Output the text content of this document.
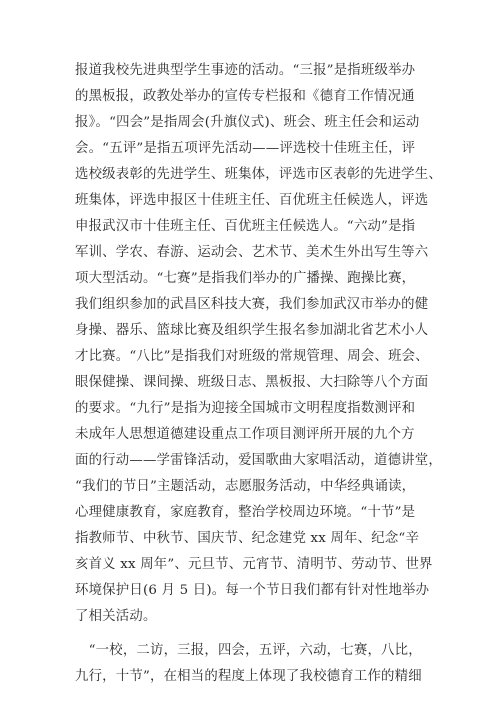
报道我校先进典型学生事迹的活动。“三报”是指班级举办
的黑板报，政教处举办的宣传专栏报和《德育工作情况通
报》。“四会”是指周会(升旗仪式)、班会、班主任会和运动
会。“五评”是指五项评先活动——评选校十佳班主任，评
选校级表彰的先进学生、班集体，评选市区表彰的先进学生、
班集体，评选申报区十佳班主任、百优班主任候选人，评选
申报武汉市十佳班主任、百优班主任候选人。“六动”是指
军训、学农、春游、运动会、艺术节、美术生外出写生等六
项大型活动。“七赛”是指我们举办的广播操、跑操比赛，
我们组织参加的武昌区科技大赛，我们参加武汉市举办的健
身操、器乐、篮球比赛及组织学生报名参加湖北省艺术小人
才比赛。“八比”是指我们对班级的常规管理、周会、班会、
眼保健操、课间操、班级日志、黑板报、大扫除等八个方面
的要求。“九行”是指为迎接全国城市文明程度指数测评和
未成年人思想道德建设重点工作项目测评所开展的九个方
面的行动——学雷锋活动，爱国歌曲大家唱活动，道德讲堂，
“我们的节日”主题活动，志愿服务活动，中华经典诵读，
心理健康教育，家庭教育，整治学校周边环境。“十节”是
指教师节、中秋节、国庆节、纪念建党 xx 周年、纪念“辛
亥首义 xx 周年”、元旦节、元宵节、清明节、劳动节、世界
环境保护日(6 月 5 日)。每一个节日我们都有针对性地举办
了相关活动。
　“一校，二访，三报，四会，五评，六动，七赛，八比，
九行，十节”，在相当的程度上体现了我校德育工作的精细
